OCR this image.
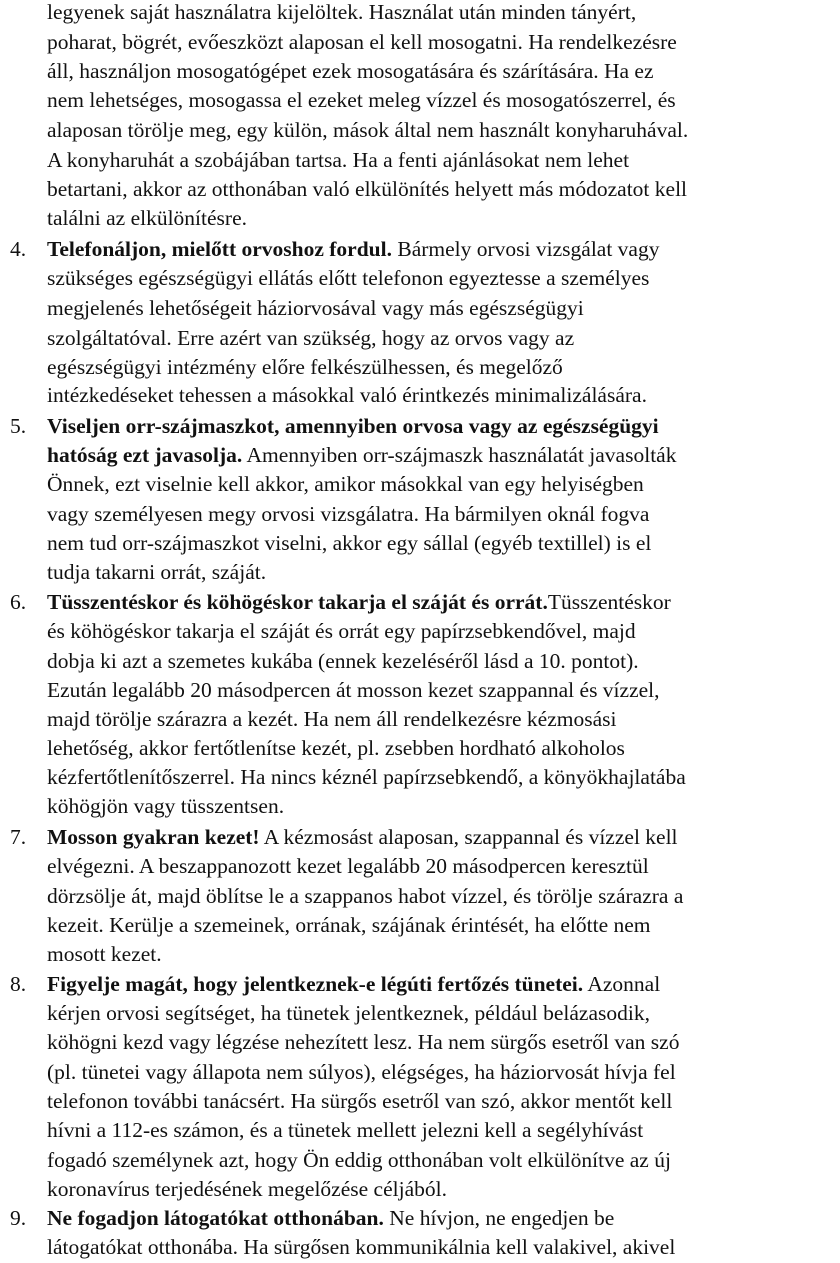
legyenek saját használatra kijelöltek. Használat után minden tányért,
poharat, bögrét, evőeszközt alaposan el kell mosogatni. Ha rendelkezésre
áll, használjon mosogatógépet ezek mosogatására és szárítására. Ha ez
nem lehetséges, mosogassa el ezeket meleg vízzel és mosogatószerrel, és
alaposan törölje meg, egy külön, mások által nem használt konyharuhával.
A konyharuhát a szobájában tartsa. Ha a fenti ajánlásokat nem lehet
betartani, akkor az otthonában való elkülönítés helyett más módozatot kell
találni az elkülönítésre.
4. Telefonáljon, mielőtt orvoshoz fordul. Bármely orvosi vizsgálat vagy
szükséges egészségügyi ellátás előtt telefonon egyeztesse a személyes
megjelenés lehetőségeit háziorvosával vagy más egészségügyi
szolgáltatóval. Erre azért van szükség, hogy az orvos vagy az
egészségügyi intézmény előre felkészülhessen, és megelőző
intézkedéseket tehessen a másokkal való érintkezés minimalizálására.
5. Viseljen orr-szájmaszkot, amennyiben orvosa vagy az egészségügyi
hatóság ezt javasolja. Amennyiben orr-szájmaszk használatát javasolták
Önnek, ezt viselnie kell akkor, amikor másokkal van egy helyiségben
vagy személyesen megy orvosi vizsgálatra. Ha bármilyen oknál fogva
nem tud orr-szájmaszkot viselni, akkor egy sállal (egyéb textillel) is el
tudja takarni orrát, száját.
6. Tüsszentéskor és köhögéskor takarja el száját és orrát.Tüsszentéskor
és köhögéskor takarja el száját és orrát egy papírzsebkendővel, majd
dobja ki azt a szemetes kukába (ennek kezeléséről lásd a 10. pontot).
Ezután legalább 20 másodpercen át mosson kezet szappannal és vízzel,
majd törölje szárazra a kezét. Ha nem áll rendelkezésre kézmosási
lehetőség, akkor fertőtlenítse kezét, pl. zsebben hordható alkoholos
kézfertőtlenítőszerrel. Ha nincs kéznél papírzsebkendő, a könyökhajlatába
köhögjön vagy tüsszentsen.
7. Mosson gyakran kezet! A kézmosást alaposan, szappannal és vízzel kell
elvégezni. A beszappanozott kezet legalább 20 másodpercen keresztül
dörzsölje át, majd öblítse le a szappanos habot vízzel, és törölje szárazra a
kezeit. Kerülje a szemeinek, orrának, szájának érintését, ha előtte nem
mosott kezet.
8. Figyelje magát, hogy jelentkeznek-e légúti fertőzés tünetei. Azonnal
kérjen orvosi segítséget, ha tünetek jelentkeznek, például belázasodik,
köhögni kezd vagy légzése nehezített lesz. Ha nem sürgős esetről van szó
(pl. tünetei vagy állapota nem súlyos), elégséges, ha háziorvosát hívja fel
telefonon további tanácsért. Ha sürgős esetről van szó, akkor mentőt kell
hívni a 112-es számon, és a tünetek mellett jelezni kell a segélyhívást
fogadó személynek azt, hogy Ön eddig otthonában volt elkülönítve az új
koronavírus terjedésének megelőzése céljából.
9. Ne fogadjon látogatókat otthonában. Ne hívjon, ne engedjen be
látogatókat otthonába. Ha sürgősen kommunikálnia kell valakivel, akivel
